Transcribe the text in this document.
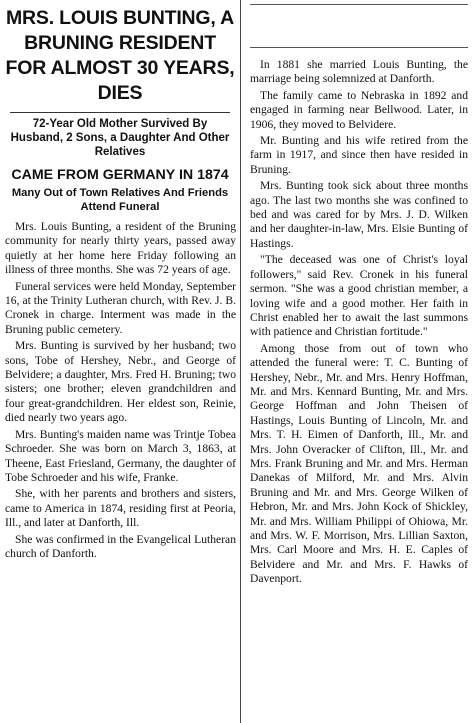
MRS. LOUIS BUNTING, A BRUNING RESIDENT FOR ALMOST 30 YEARS, DIES
72-Year Old Mother Survived By Husband, 2 Sons, a Daughter And Other Relatives
CAME FROM GERMANY IN 1874
Many Out of Town Relatives And Friends Attend Funeral

Mrs. Louis Bunting, a resident of the Bruning community for nearly thirty years, passed away quietly at her home here Friday following an illness of three months. She was 72 years of age.

Funeral services were held Monday, September 16, at the Trinity Lutheran church, with Rev. J. B. Cronek in charge. Interment was made in the Bruning public cemetery.

Mrs. Bunting is survived by her husband; two sons, Tobe of Hershey, Nebr., and George of Belvidere; a daughter, Mrs. Fred H. Bruning; two sisters; one brother; eleven grandchildren and four great-grandchildren. Her eldest son, Reinie, died nearly two years ago.

Mrs. Bunting's maiden name was Trintje Tobea Schroeder. She was born on March 3, 1863, at Theene, East Friesland, Germany, the daughter of Tobe Schroeder and his wife, Franke.

She, with her parents and brothers and sisters, came to America in 1874, residing first at Peoria, Ill., and later at Danforth, Ill.

She was confirmed in the Evangelical Lutheran church of Danforth.

In 1881 she married Louis Bunting, the marriage being solemnized at Danforth.

The family came to Nebraska in 1892 and engaged in farming near Bellwood. Later, in 1906, they moved to Belvidere.

Mr. Bunting and his wife retired from the farm in 1917, and since then have resided in Bruning.

Mrs. Bunting took sick about three months ago. The last two months she was confined to bed and was cared for by Mrs. J. D. Wilken and her daughter-in-law, Mrs. Elsie Bunting of Hastings.

"The deceased was one of Christ's loyal followers," said Rev. Cronek in his funeral sermon. "She was a good christian member, a loving wife and a good mother. Her faith in Christ enabled her to await the last summons with patience and Christian fortitude."

Among those from out of town who attended the funeral were: T. C. Bunting of Hershey, Nebr., Mr. and Mrs. Henry Hoffman, Mr. and Mrs. Kennard Bunting, Mr. and Mrs. George Hoffman and John Theisen of Hastings, Louis Bunting of Lincoln, Mr. and Mrs. T. H. Eimen of Danforth, Ill., Mr. and Mrs. John Overacker of Clifton, Ill., Mr. and Mrs. Frank Bruning and Mr. and Mrs. Herman Danekas of Milford, Mr. and Mrs. Alvin Bruning and Mr. and Mrs. George Wilken of Hebron, Mr. and Mrs. John Kock of Shickley, Mr. and Mrs. William Philippi of Ohiowa, Mr. and Mrs. W. F. Morrison, Mrs. Lillian Saxton, Mrs. Carl Moore and Mrs. H. E. Caples of Belvidere and Mr. and Mrs. F. Hawks of Davenport.
